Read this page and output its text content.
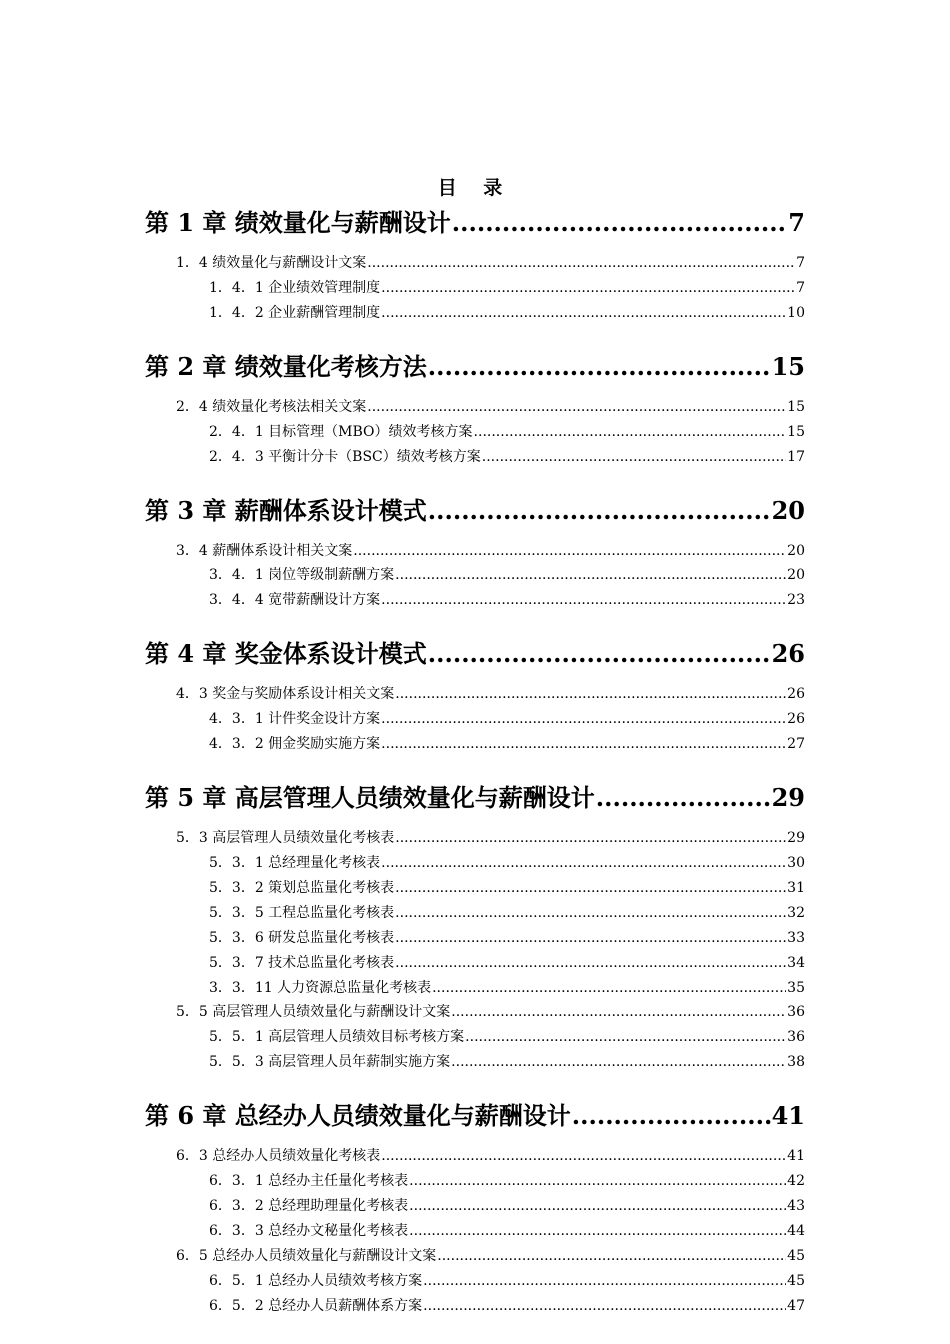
目 录
第 1 章 绩效量化与薪酬设计 .....	7
1．4 绩效量化与薪酬设计文案 .....	7
1．4．1 企业绩效管理制度 .....	7
1．4．2 企业薪酬管理制度 .....	10
第 2 章 绩效量化考核方法 .....	15
2．4 绩效量化考核法相关文案 .....	15
2．4．1 目标管理（MBO）绩效考核方案 .....	15
2．4．3 平衡计分卡（BSC）绩效考核方案 .....	17
第 3 章 薪酬体系设计模式 .....	20
3．4 薪酬体系设计相关文案 .....	20
3．4．1 岗位等级制薪酬方案 .....	20
3．4．4 宽带薪酬设计方案 .....	23
第 4 章 奖金体系设计模式 .....	26
4．3 奖金与奖励体系设计相关文案 .....	26
4．3．1 计件奖金设计方案 .....	26
4．3．2 佣金奖励实施方案 .....	27
第 5 章 高层管理人员绩效量化与薪酬设计 .....	29
5．3 高层管理人员绩效量化考核表 .....	29
5．3．1 总经理量化考核表 .....	30
5．3．2 策划总监量化考核表 .....	31
5．3．5 工程总监量化考核表 .....	32
5．3．6 研发总监量化考核表 .....	33
5．3．7 技术总监量化考核表 .....	34
3．3．11 人力资源总监量化考核表 .....	35
5．5 高层管理人员绩效量化与薪酬设计文案 .....	36
5．5．1 高层管理人员绩效目标考核方案 .....	36
5．5．3 高层管理人员年薪制实施方案 .....	38
第 6 章 总经办人员绩效量化与薪酬设计 .....	41
6．3 总经办人员绩效量化考核表 .....	41
6．3．1 总经办主任量化考核表 .....	42
6．3．2 总经理助理量化考核表 .....	43
6．3．3 总经办文秘量化考核表 .....	44
6．5 总经办人员绩效量化与薪酬设计文案 .....	45
6．5．1 总经办人员绩效考核方案 .....	45
6．5．2 总经办人员薪酬体系方案 .....	47
